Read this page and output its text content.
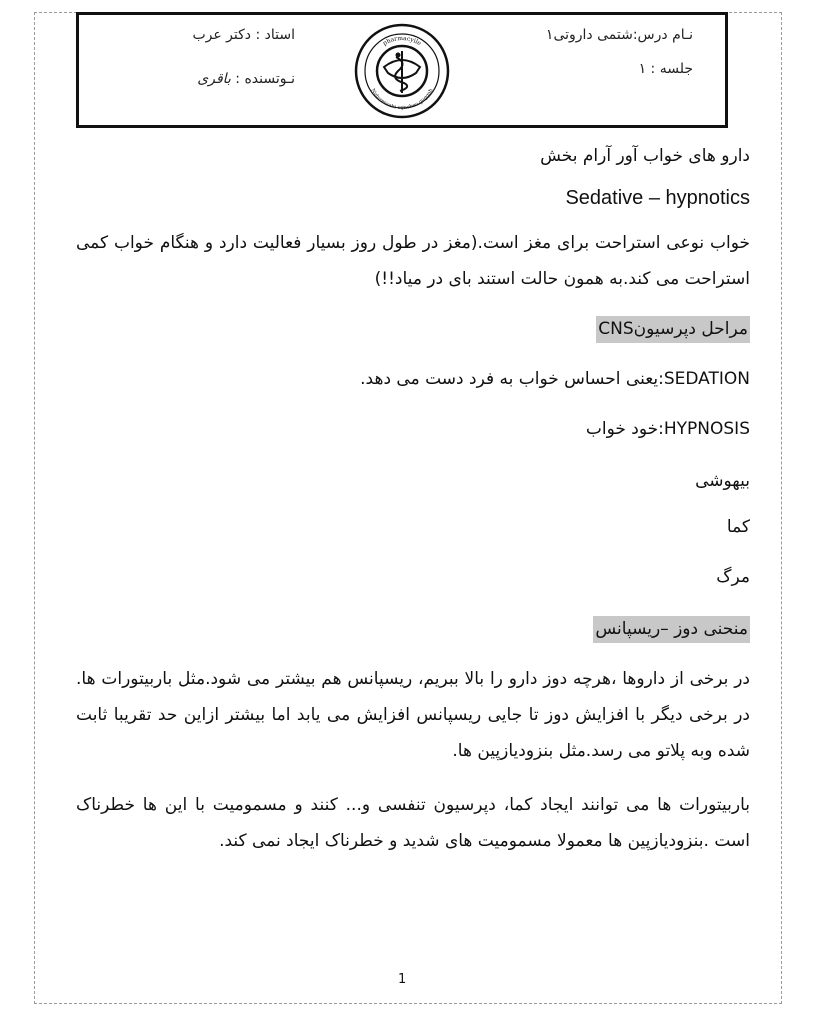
نـام درس:شتمی داروتی۱
جلسه : ۱
استاد : دکتر عرب
نـوتسنده : باقری
pharmacyile
Nuturesaatu ugnebeu guggah
دارو های خواب آور آرام بخش
Sedative – hypnotics
خواب نوعی استراحت برای مغز است.(مغز در طول روز بسیار فعالیت دارد و هنگام خواب کمی استراحت می کند.به همون حالت استند بای در میاد!!)
مراحل دپرسیونCNS
SEDATION:یعنی احساس خواب به فرد دست می دهد.
HYPNOSIS:خود خواب
بیهوشی
کما
مرگ
منحنی دوز –ریسپانس
در برخی از داروها ،هرچه دوز دارو را بالا ببریم، ریسپانس هم بیشتر می شود.مثل باربیتورات ها. در برخی دیگر با افزایش دوز تا جایی ریسپانس افزایش می یابد اما بیشتر ازاین حد تقریبا ثابت شده وبه پلاتو می رسد.مثل بنزودیازپین ها.
باربیتورات ها می توانند ایجاد کما، دپرسیون تنفسی و... کنند و مسمومیت با این ها خطرناک است .بنزودیازپین ها معمولا مسمومیت های شدید و خطرناک ایجاد نمی کند.
1
